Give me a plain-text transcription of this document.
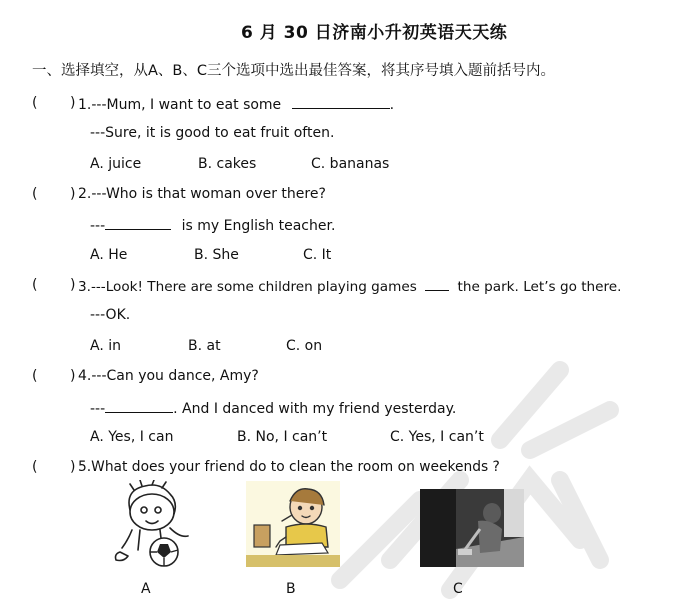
6 月 30 日济南小升初英语天天练
一、选择填空，从A、B、C三个选项中选出最佳答案，将其序号填入题前括号内。
( ) 1.---Mum, I want to eat some	.
---Sure, it is good to eat fruit often.
A. juice	B. cakes	C. bananas
( ) 2.---Who is that woman over there?
---	is my English teacher.
A. He	B. She	C. It
( ) 3.---Look! There are some children playing games	the park. Let’s go there.
---OK.
A. in	B. at	C. on
( ) 4.---Can you dance, Amy?
---	. And I danced with my friend yesterday.
A. Yes, I can	B. No, I can’t	C. Yes, I can’t
( ) 5.What does your friend do to clean the room on weekends ?
A	B	C
